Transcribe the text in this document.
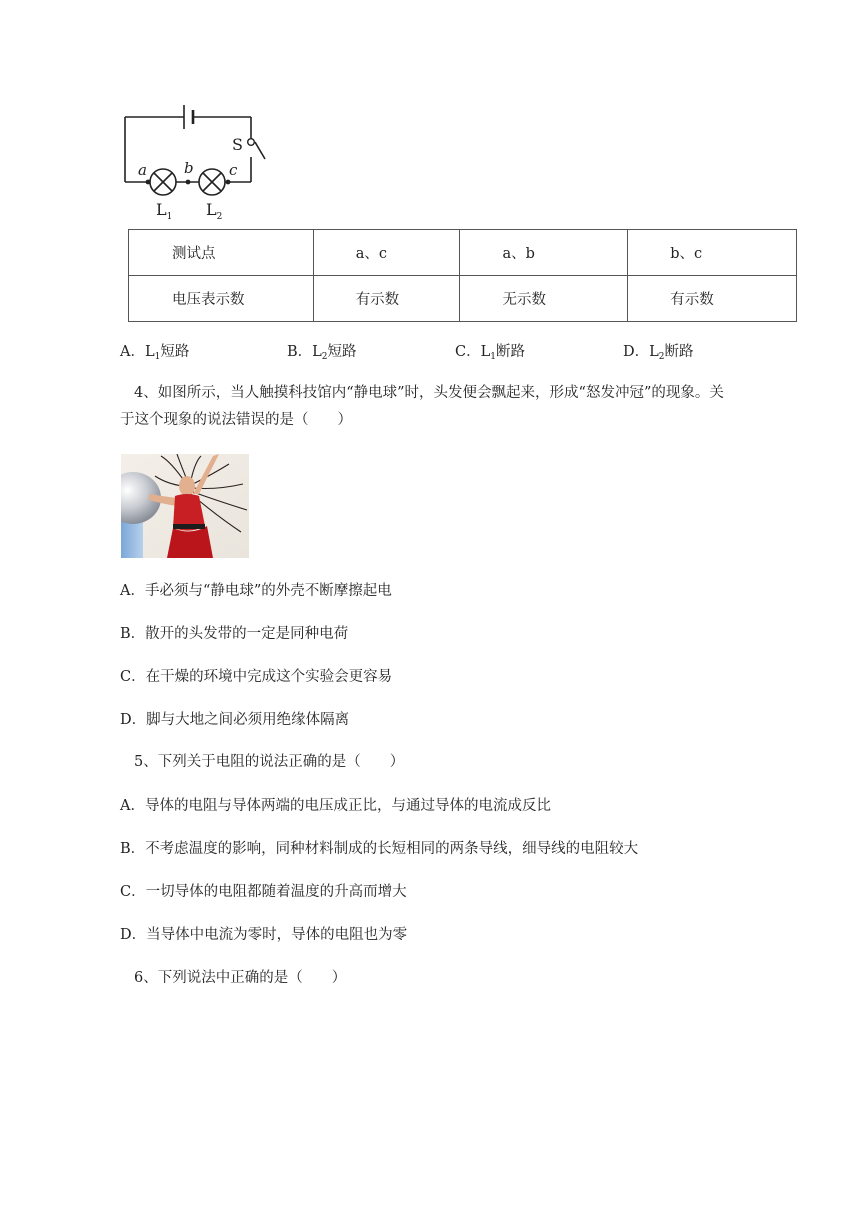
S
a b c
$L_1$ $L_2$
测试点	a、c	a、b	b、c
电压表示数	有示数	无示数	有示数
A．$L_1$短路	B．$L_2$短路	C．$L_1$断路	D．$L_2$断路
4、如图所示，当人触摸科技馆内“静电球”时，头发便会飘起来，形成“怒发冲冠”的现象。关
于这个现象的说法错误的是（　　）
A．手必须与“静电球”的外壳不断摩擦起电
B．散开的头发带的一定是同种电荷
C．在干燥的环境中完成这个实验会更容易
D．脚与大地之间必须用绝缘体隔离
5、下列关于电阻的说法正确的是（　　）
A．导体的电阻与导体两端的电压成正比，与通过导体的电流成反比
B．不考虑温度的影响，同种材料制成的长短相同的两条导线，细导线的电阻较大
C．一切导体的电阻都随着温度的升高而增大
D．当导体中电流为零时，导体的电阻也为零
6、下列说法中正确的是（　　）
